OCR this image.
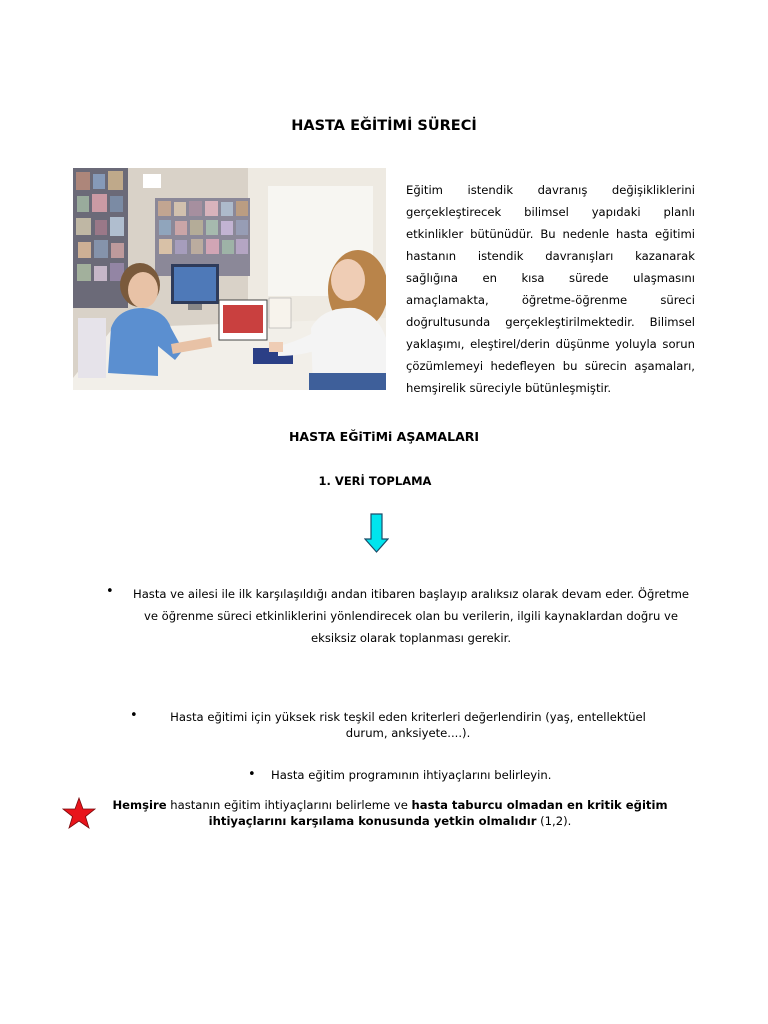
HASTA EĞİTİMİ SÜRECİ

Eğitim istendik davranış değişikliklerini gerçekleştirecek bilimsel yapıdaki planlı etkinlikler bütünüdür. Bu nedenle hasta eğitimi hastanın istendik davranışları kazanarak sağlığına en kısa sürede ulaşmasını amaçlamakta, öğretme-öğrenme süreci doğrultusunda gerçekleştirilmektedir. Bilimsel yaklaşımı, eleştirel/derin düşünme yoluyla sorun çözümlemeyi hedefleyen bu sürecin aşamaları, hemşirelik süreciyle bütünleşmiştir.

HASTA EĞiTiMi AŞAMALARI
1. VERİ TOPLAMA
•	Hasta ve ailesi ile ilk karşılaşıldığı andan itibaren başlayıp aralıksız olarak devam eder. Öğretme ve öğrenme süreci etkinliklerini yönlendirecek olan bu verilerin, ilgili kaynaklardan doğru ve eksiksiz olarak toplanması gerekir.

•	Hasta eğitimi için yüksek risk teşkil eden kriterleri değerlendirin (yaş, entellektüel durum, anksiyete....).

• Hasta eğitim programının ihtiyaçlarını belirleyin.

Hemşire hastanın eğitim ihtiyaçlarını belirleme ve hasta taburcu olmadan en kritik eğitim ihtiyaçlarını karşılama konusunda yetkin olmalıdır (1,2).
